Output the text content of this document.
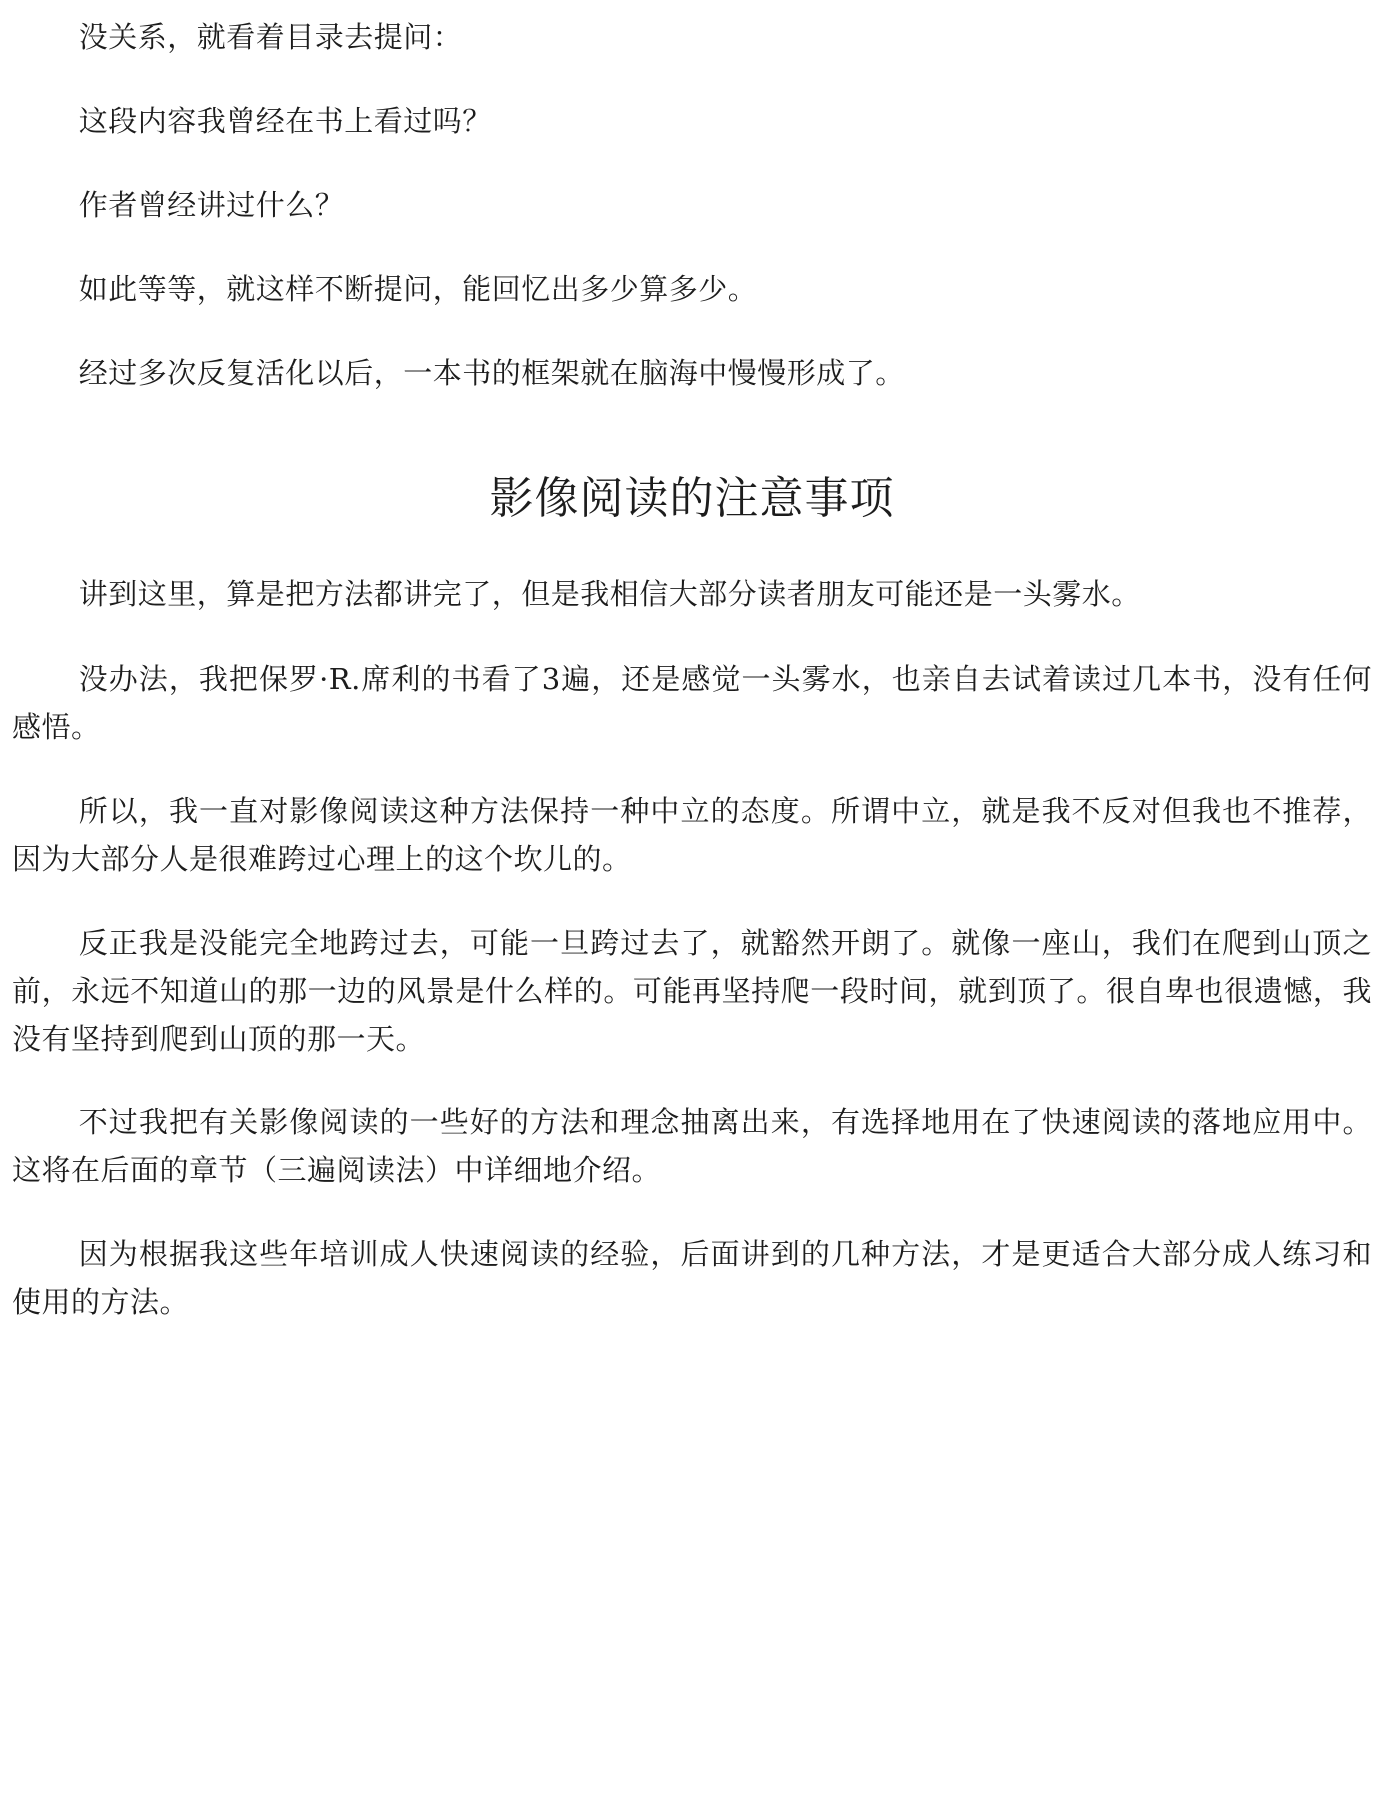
没关系，就看着目录去提问：

这段内容我曾经在书上看过吗？

作者曾经讲过什么？

如此等等，就这样不断提问，能回忆出多少算多少。

经过多次反复活化以后，一本书的框架就在脑海中慢慢形成了。

影像阅读的注意事项

讲到这里，算是把方法都讲完了，但是我相信大部分读者朋友可能还是一头雾水。

没办法，我把保罗·R.席利的书看了3遍，还是感觉一头雾水，也亲自去试着读过几本书，没有任何感悟。

所以，我一直对影像阅读这种方法保持一种中立的态度。所谓中立，就是我不反对但我也不推荐，因为大部分人是很难跨过心理上的这个坎儿的。

反正我是没能完全地跨过去，可能一旦跨过去了，就豁然开朗了。就像一座山，我们在爬到山顶之前，永远不知道山的那一边的风景是什么样的。可能再坚持爬一段时间，就到顶了。很自卑也很遗憾，我没有坚持到爬到山顶的那一天。

不过我把有关影像阅读的一些好的方法和理念抽离出来，有选择地用在了快速阅读的落地应用中。这将在后面的章节（三遍阅读法）中详细地介绍。

因为根据我这些年培训成人快速阅读的经验，后面讲到的几种方法，才是更适合大部分成人练习和使用的方法。
